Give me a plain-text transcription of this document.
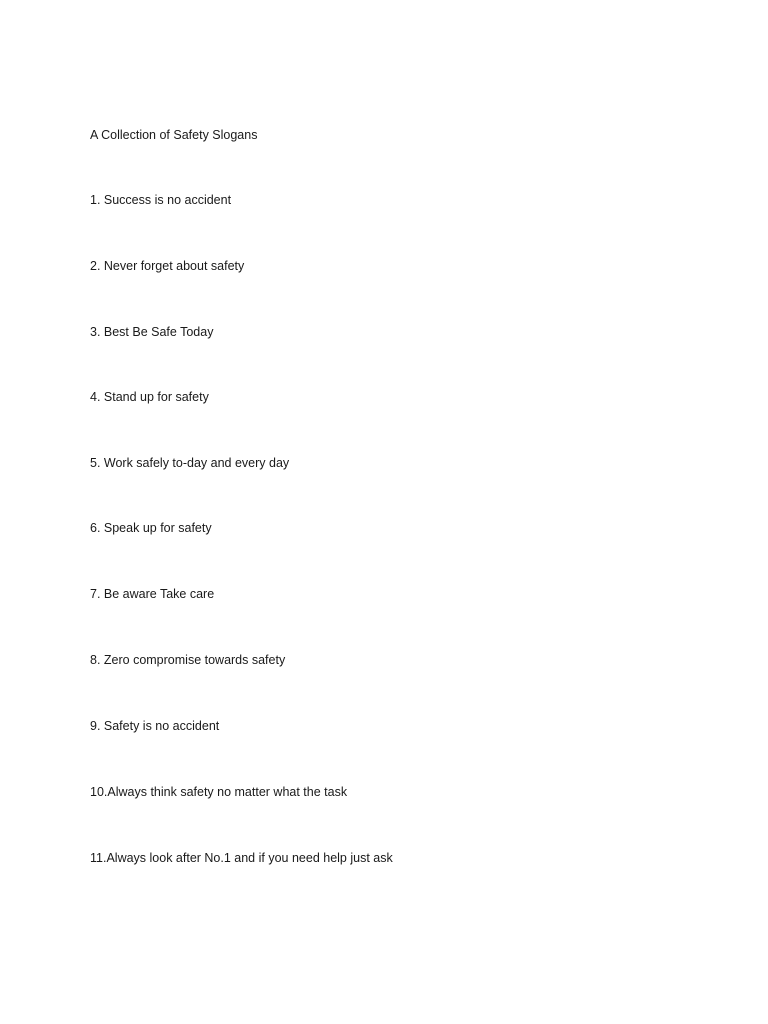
A Collection of Safety Slogans

1. Success is no accident

2. Never forget about safety

3. Best Be Safe Today

4. Stand up for safety

5. Work safely to-day and every day

6. Speak up for safety

7. Be aware Take care

8. Zero compromise towards safety

9. Safety is no accident

10.Always think safety no matter what the task

11.Always look after No.1 and if you need help just ask
